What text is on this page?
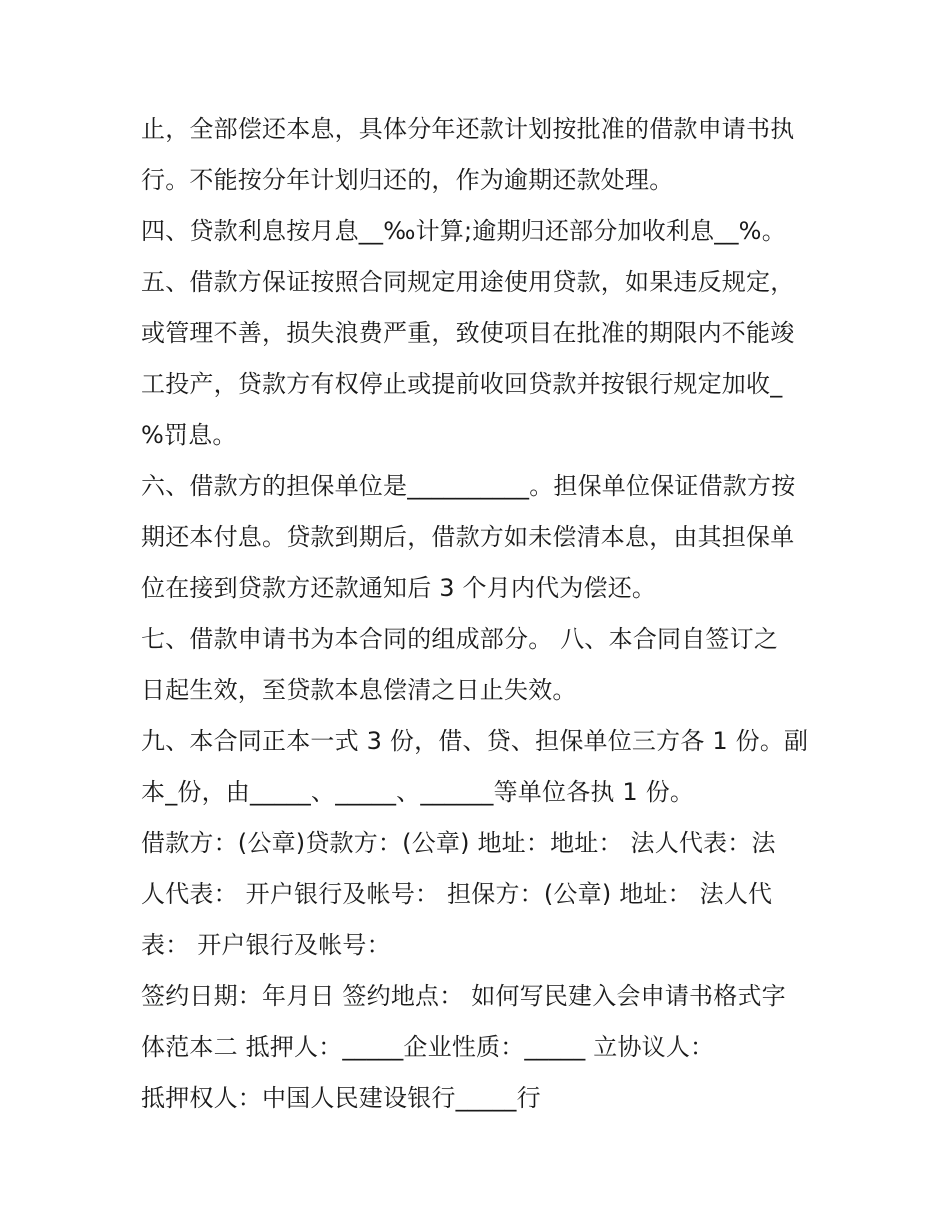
止，全部偿还本息，具体分年还款计划按批准的借款申请书执
行。不能按分年计划归还的，作为逾期还款处理。
四、贷款利息按月息__‰计算;逾期归还部分加收利息__%。
五、借款方保证按照合同规定用途使用贷款，如果违反规定，
或管理不善，损失浪费严重，致使项目在批准的期限内不能竣
工投产，贷款方有权停止或提前收回贷款并按银行规定加收_
%罚息。
六、借款方的担保单位是__________。担保单位保证借款方按
期还本付息。贷款到期后，借款方如未偿清本息，由其担保单
位在接到贷款方还款通知后 3 个月内代为偿还。
七、借款申请书为本合同的组成部分。 八、本合同自签订之
日起生效，至贷款本息偿清之日止失效。
九、本合同正本一式 3 份，借、贷、担保单位三方各 1 份。副
本_份，由_____、_____、______等单位各执 1 份。
借款方：(公章)贷款方：(公章) 地址：地址： 法人代表：法
人代表： 开户银行及帐号： 担保方：(公章) 地址： 法人代
表： 开户银行及帐号：
签约日期：年月日 签约地点： 如何写民建入会申请书格式字
体范本二 抵押人：_____企业性质：_____ 立协议人：
抵押权人：中国人民建设银行_____行
